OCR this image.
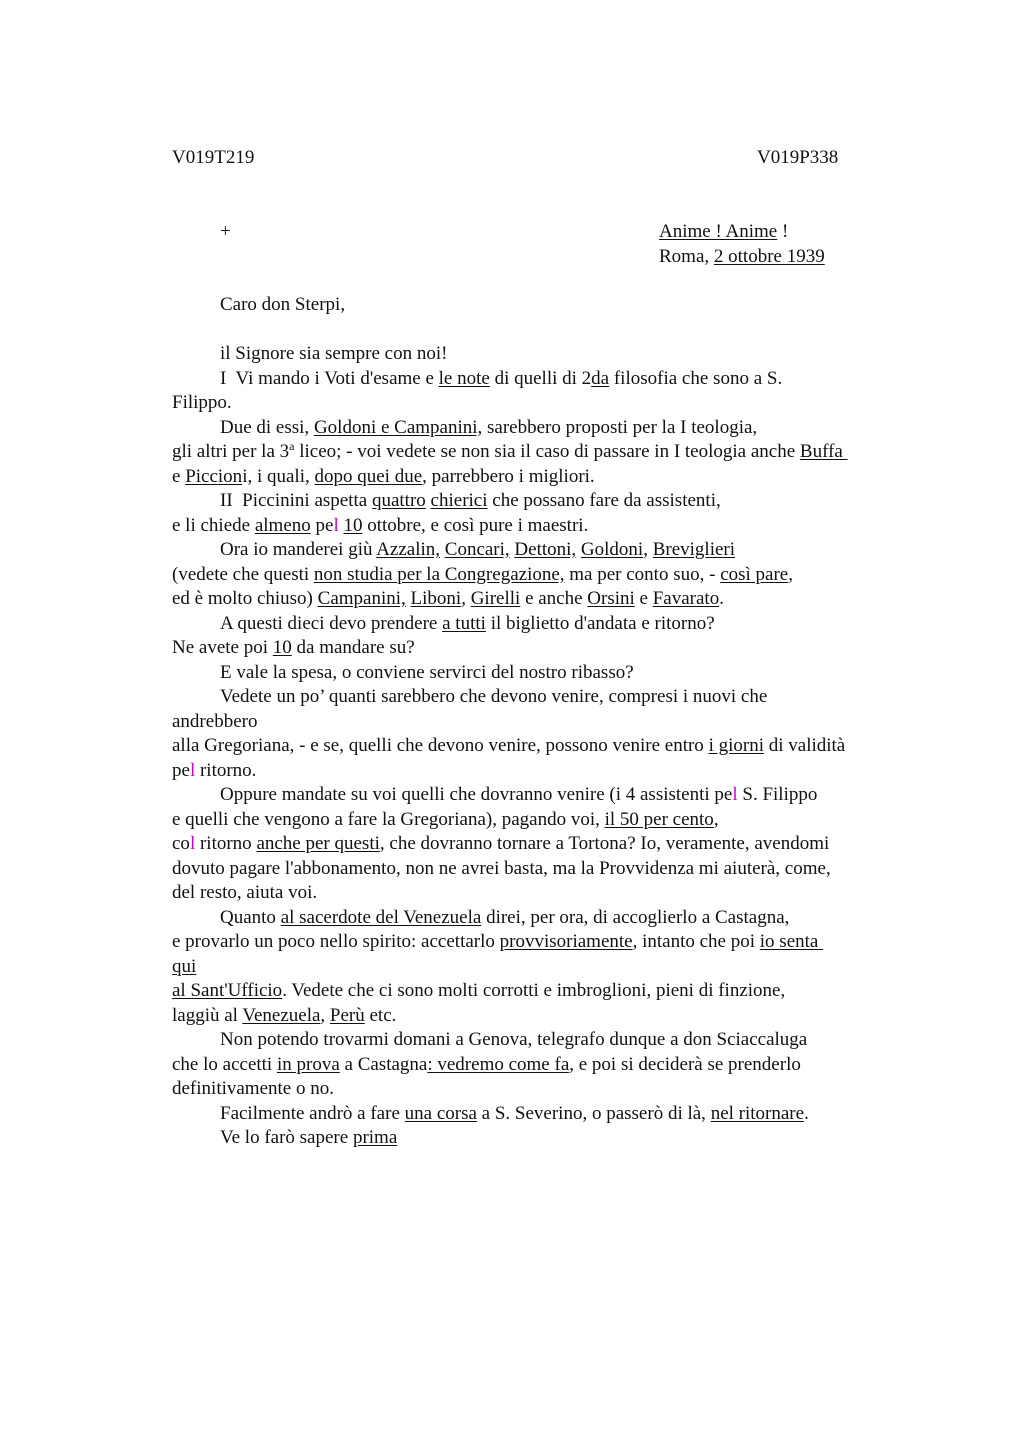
V019T219	V019P338
+	Anime ! Anime !
Roma, 2 ottobre 1939
Caro don Sterpi,
il Signore sia sempre con noi!
I  Vi mando i Voti d'esame e le note di quelli di 2da filosofia che sono a S.
Filippo.
Due di essi, Goldoni e Campanini, sarebbero proposti per la I teologia,
gli altri per la 3$^a$ liceo; - voi vedete se non sia il caso di passare in I teologia anche Buffa
e Piccioni, i quali, dopo quei due, parrebbero i migliori.
II  Piccinini aspetta quattro chierici che possano fare da assistenti,
e li chiede almeno pel 10 ottobre, e così pure i maestri.
Ora io manderei giù Azzalin, Concari, Dettoni, Goldoni, Breviglieri
(vedete che questi non studia per la Congregazione, ma per conto suo, - così pare,
ed è molto chiuso) Campanini, Liboni, Girelli e anche Orsini e Favarato.
A questi dieci devo prendere a tutti il biglietto d'andata e ritorno?
Ne avete poi 10 da mandare su?
E vale la spesa, o conviene servirci del nostro ribasso?
Vedete un po’ quanti sarebbero che devono venire, compresi i nuovi che
andrebbero
alla Gregoriana, - e se, quelli che devono venire, possono venire entro i giorni di validità
pel ritorno.
Oppure mandate su voi quelli che dovranno venire (i 4 assistenti pel S. Filippo
e quelli che vengono a fare la Gregoriana), pagando voi, il 50 per cento,
col ritorno anche per questi, che dovranno tornare a Tortona? Io, veramente, avendomi
dovuto pagare l'abbonamento, non ne avrei basta, ma la Provvidenza mi aiuterà, come,
del resto, aiuta voi.
Quanto al sacerdote del Venezuela direi, per ora, di accoglierlo a Castagna,
e provarlo un poco nello spirito: accettarlo provvisoriamente, intanto che poi io senta
qui
al Sant'Ufficio. Vedete che ci sono molti corrotti e imbroglioni, pieni di finzione,
laggiù al Venezuela, Perù etc.
Non potendo trovarmi domani a Genova, telegrafo dunque a don Sciaccaluga
che lo accetti in prova a Castagna: vedremo come fa, e poi si deciderà se prenderlo
definitivamente o no.
Facilmente andrò a fare una corsa a S. Severino, o passerò di là, nel ritornare.
Ve lo farò sapere prima
